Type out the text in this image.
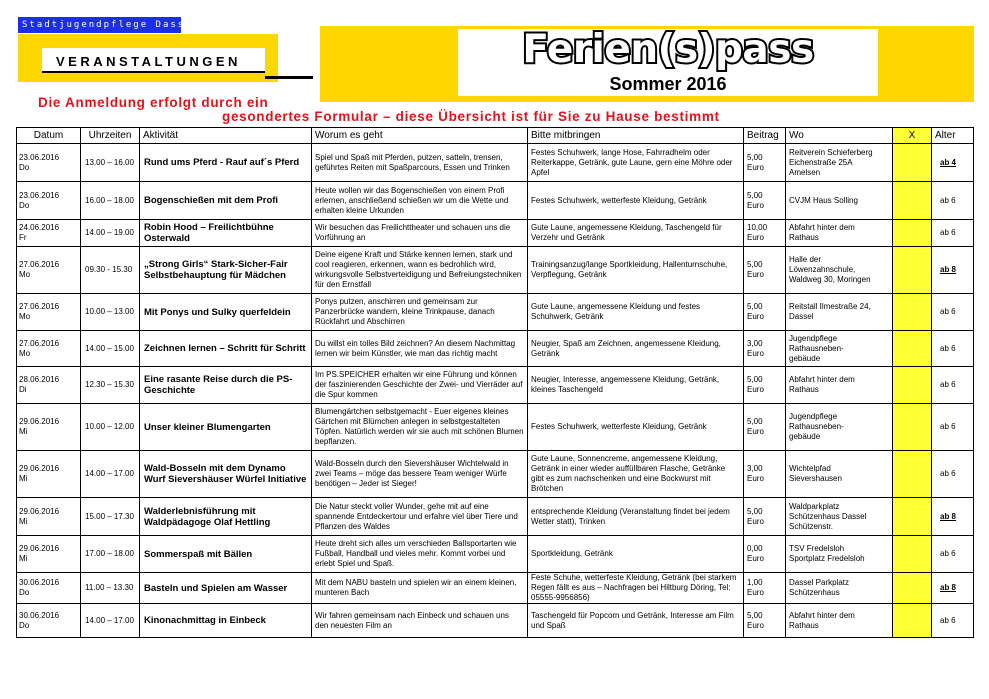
Stadtjugendpflege Dassel
VERANSTALTUNGEN	Ferien(s)pass
Sommer 2016
Die Anmeldung erfolgt durch ein
gesondertes Formular – diese Übersicht ist für Sie zu Hause bestimmt
Datum	Uhrzeiten	Aktivität	Worum es geht	Bitte mitbringen	Beitrag	Wo	X	Alter
23.06.2016
Do	13.00 – 16.00	Rund ums Pferd - Rauf auf´s Pferd	Spiel und Spaß mit Pferden, putzen, satteln, trensen, geführtes Reiten mit Spaßparcours, Essen und Trinken	Festes Schuhwerk, lange Hose, Fahrradhelm oder Reiterkappe, Getränk, gute Laune, gern eine Möhre oder Apfel	5,00
Euro	Reitverein Schieferberg
Eichenstraße 25A
Amelsen		ab 4
23.06.2016
Do	16.00 – 18.00	Bogenschießen mit dem Profi	Heute wollen wir das Bogenschießen von einem Profi erlernen, anschließend schießen wir um die Wette und erhalten kleine Urkunden	Festes Schuhwerk, wetterfeste Kleidung, Getränk	5,00
Euro	CVJM Haus Solling		ab 6
24.06.2016
Fr	14.00 – 19.00	Robin Hood – Freilichtbühne Osterwald	Wir besuchen das Freilichttheater und schauen uns die Vorführung an	Gute Laune, angemessene Kleidung, Taschengeld für Verzehr und Getränk	10,00
Euro	Abfahrt hinter dem
Rathaus		ab 6
27.06.2016
Mo	09.30 - 15.30	„Strong Girls“ Stark-Sicher-Fair Selbstbehauptung für Mädchen	Deine eigene Kraft und Stärke kennen lernen, stark und cool reagieren, erkennen, wann es bedrohlich wird, wirkungsvolle Selbstverteidigung und Befreiungstechniken für den Ernstfall	Trainingsanzug/lange Sportkleidung, Hallenturnschuhe, Verpflegung, Getränk	5,00
Euro	Halle der
Löwenzahnschule,
Waldweg 30, Moringen		ab 8
27.06.2016
Mo	10.00 – 13.00	Mit Ponys und Sulky querfeldein	Ponys putzen, anschirren und gemeinsam zur Panzerbrücke wandern, kleine Trinkpause, danach Rückfahrt und Abschirren	Gute Laune, angemessene Kleidung und festes Schuhwerk, Getränk	5,00
Euro	Reitstall Ilmestraße 24,
Dassel		ab 6
27.06.2016
Mo	14.00 – 15.00	Zeichnen lernen – Schritt für Schritt	Du willst ein tolles Bild zeichnen? An diesem Nachmittag lernen wir beim Künstler, wie man das richtig macht	Neugier, Spaß am Zeichnen, angemessene Kleidung, Getränk	3,00
Euro	Jugendpflege
Rathausneben-
gebäude		ab 6
28.06.2016
Di	12.30 – 15.30	Eine rasante Reise durch die PS-Geschichte	Im PS.SPEICHER erhalten wir eine Führung und können der faszinierenden Geschichte der Zwei- und Vierräder auf die Spur kommen	Neugier, Interesse, angemessene Kleidung, Getränk, kleines Taschengeld	5,00
Euro	Abfahrt hinter dem
Rathaus		ab 6
29.06.2016
Mi	10.00 – 12.00	Unser kleiner Blumengarten	Blumengärtchen selbstgemacht - Euer eigenes kleines Gärtchen mit Blümchen anlegen in selbstgestalteten Töpfen. Natürlich werden wir sie auch mit schönen Blumen bepflanzen.	Festes Schuhwerk, wetterfeste Kleidung, Getränk	5,00
Euro	Jugendpflege
Rathausneben-
gebäude		ab 6
29.06.2016
Mi	14.00 – 17.00	Wald-Bosseln mit dem Dynamo Wurf Sievershäuser Würfel Initiative	Wald-Bosseln durch den Sievershäuser Wichtelwald in zwei Teams – möge das bessere Team weniger Würfe benötigen – Jeder ist Sieger!	Gute Laune, Sonnencreme, angemessene Kleidung, Getränk in einer wieder auffüllbaren Flasche, Getränke gibt es zum nachschenken und eine Bockwurst mit Brötchen	3,00
Euro	Wichtelpfad
Sievershausen		ab 6
29.06.2016
Mi	15.00 – 17.30	Walderlebnisführung mit Waldpädagoge Olaf Hettling	Die Natur steckt voller Wunder, gehe mit auf eine spannende Entdeckertour und erfahre viel über Tiere und Pflanzen des Waldes	entsprechende Kleidung (Veranstaltung findet bei jedem Wetter statt), Trinken	5,00
Euro	Waldparkplatz
Schützenhaus Dassel
Schützenstr.		ab 8
29.06.2016
Mi	17.00 – 18.00	Sommerspaß mit Bällen	Heute dreht sich alles um verschieden Ballsportarten wie Fußball, Handball und vieles mehr. Kommt vorbei und erlebt Spiel und Spaß.	Sportkleidung, Getränk	0,00
Euro	TSV Fredelsloh
Sportplatz Fredelsloh		ab 6
30.06.2016
Do	11.00 – 13.30	Basteln und Spielen am Wasser	Mit dem NABU basteln und spielen wir an einem kleinen, munteren Bach	Feste Schuhe, wetterfeste Kleidung, Getränk (bei starkem Regen fällt es aus – Nachfragen bei Hiltburg Döring, Tel: 05555-9956856)	1,00
Euro	Dassel Parkplatz
Schützenhaus		ab 8
30.06.2016
Do	14.00 – 17.00	Kinonachmittag in Einbeck	Wir fahren gemeinsam nach Einbeck und schauen uns den neuesten Film an	Taschengeld für Popcorn und Getränk, Interesse am Film und Spaß	5,00
Euro	Abfahrt hinter dem
Rathaus		ab 6
